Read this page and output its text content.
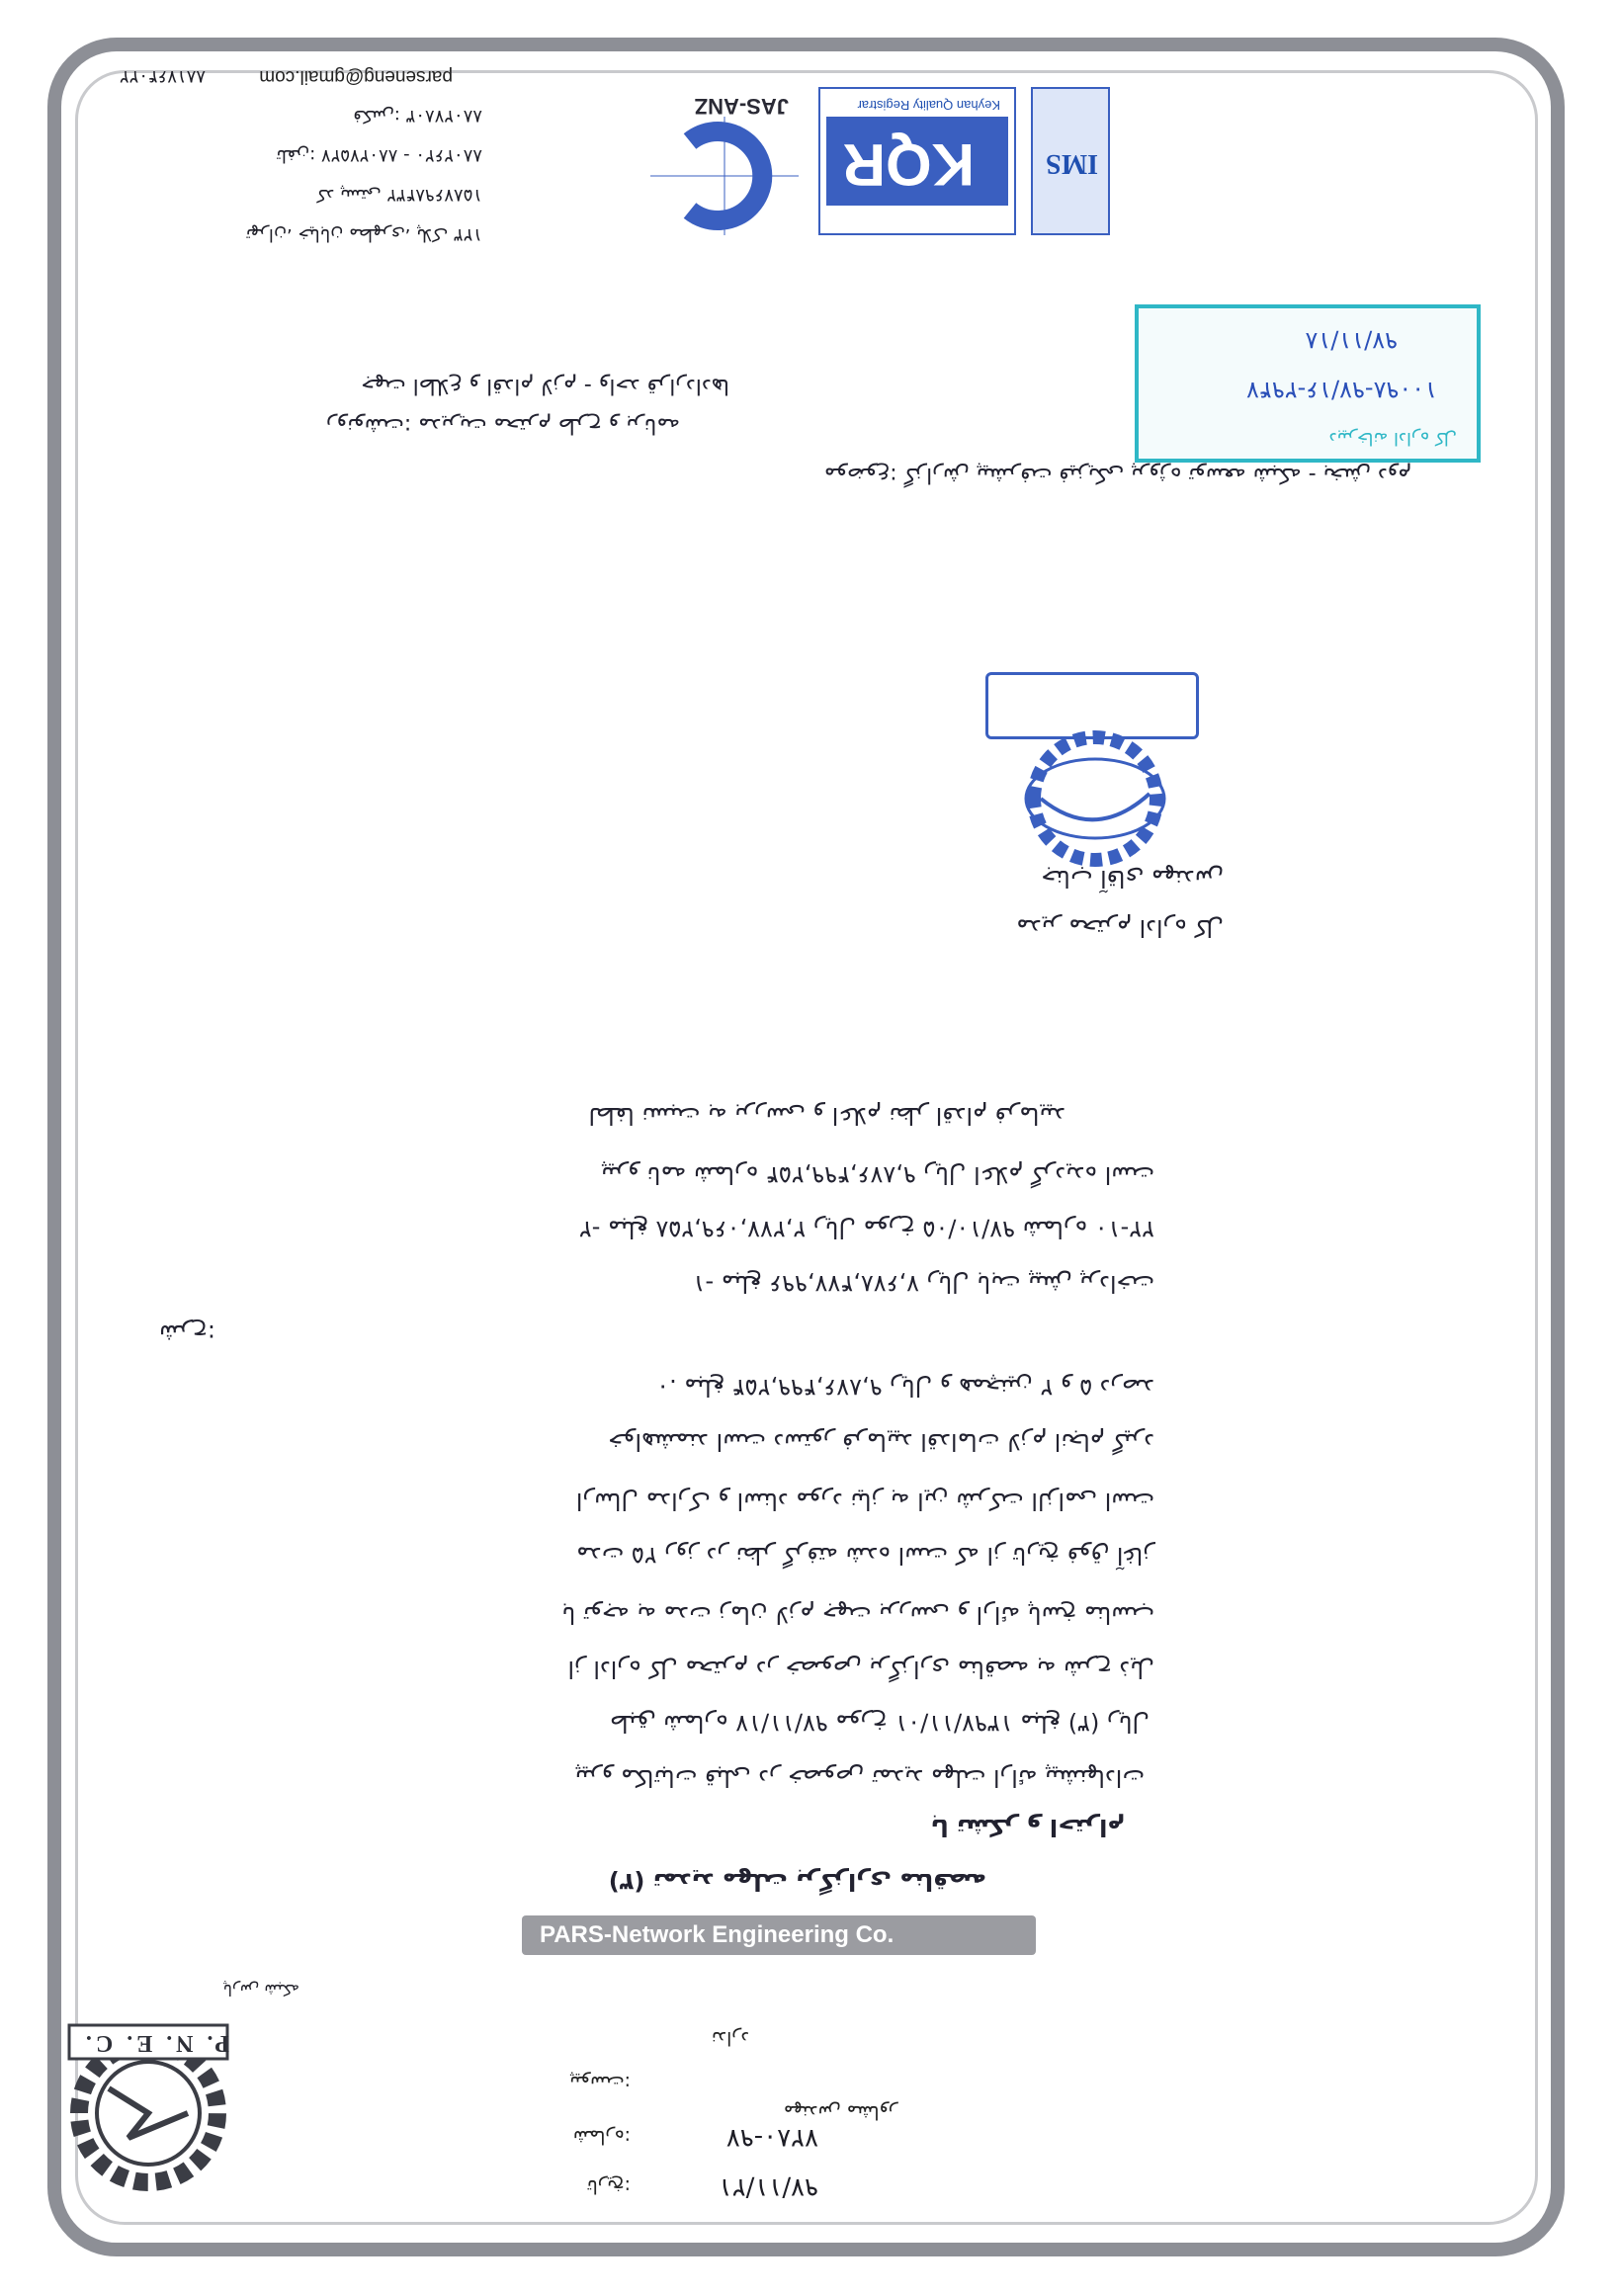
PARS-Network Engineering Co.
P. N. E. C.
پارس شبکه
تاریخ:	۹۷/۱۱/۲۱
شماره:	۷۲۸۰-۹۷
پیوست:
ندارد
مهندس مشاور
(۳) تمدید مهلت برگزاری مناقصه
با تشکر و احترام
پیرو مکاتبات قبلی در خصوص تمدید مهلت ارائه پیشنهادات
طبق شماره ۹۷/۱۱/۱۷ مورخ ۱۳۹۷/۱۱/۰۱ مبلغ (۳) ریال
از اداره کل محترم در خصوص برگزاری مناقصه به شرح ذیل
با توجه به مدت زمان لازم جهت بررسی و ارائه پاسخ مناسب
مدت ۲۵ روز در نظر گرفته شده است که از تاریخ فوق آغاز
ارسال مدارک و اسناد مورد نیاز به این شرکت الزامی است
خواهشمند است دستور فرمایید اقدامات لازم انجام گیرد
۰. مبلغ ۹,۸۷۶,۴۹۹,۲۵۴ ریال و همچنین ۲ و ۵ درصد
شرح:
۱- مبلغ ۷,۶۷۸,۴۷۷,۹۹۶ ریال بابت پیش پرداخت
۲- مبلغ ۲,۲۷۷,۰۶۹,۲۵۸ ریال مورخ ۹۷/۱۰/۰۵ شماره ۱۰-۲۲
پیرو نامه شماره ۹,۸۷۶,۴۹۹,۲۵۴ ریال اعلام گردیده است
لطفا نسبت به بررسی و اعلام نظر اقدام فرمایید
مدیر محترم اداره کل
جناب آقای مهندس
موضوع: گزارش پیشرفت فیزیکی پروژه توسعه شبکه - بخش دوم
رونوشت: مدیریت محترم طرح و برنامه
جهت اطلاع و اقدام لازم - واحد قراردادها
دبیرخانه اداره کل
۱۰۰۹۸-۹۷/۱۶-۲۹۴۷
۹۷/۱۱/۱۸
IMS
KQR
Keyhan Quality Registrar
JAS-ANZ
تهران، خیابان مطهری، پلاک ۱۲۳
کد پستی ۱۵۸۷۶۹۸۴۳۲
تلفن: ۸۸۰۲۷۵۲۷ - ۸۸۰۲۶۲۰
فکس: ۸۸۰۲۷۸۰۳
parseneng@gmail.com
۸۸۱۷۶۴۰۲۲
